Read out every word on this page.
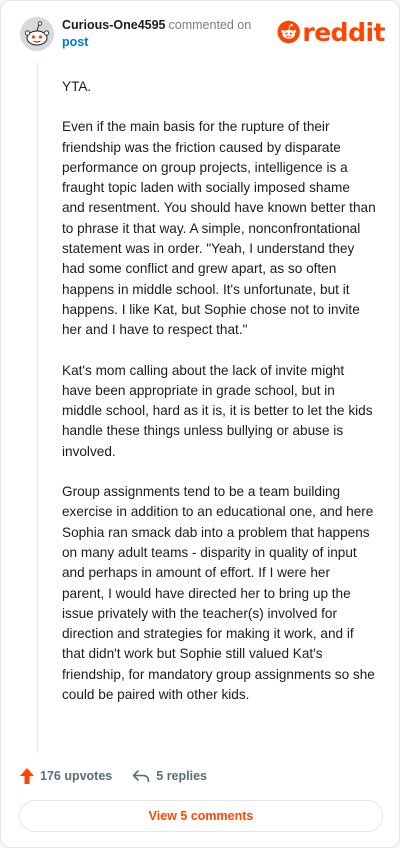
Curious-One4595 commented on
post	reddit

YTA.

Even if the main basis for the rupture of their friendship was the friction caused by disparate performance on group projects, intelligence is a fraught topic laden with socially imposed shame and resentment. You should have known better than to phrase it that way. A simple, nonconfrontational statement was in order. "Yeah, I understand they had some conflict and grew apart, as so often happens in middle school. It's unfortunate, but it happens. I like Kat, but Sophie chose not to invite her and I have to respect that."

Kat's mom calling about the lack of invite might have been appropriate in grade school, but in middle school, hard as it is, it is better to let the kids handle these things unless bullying or abuse is involved.

Group assignments tend to be a team building exercise in addition to an educational one, and here Sophia ran smack dab into a problem that happens on many adult teams - disparity in quality of input and perhaps in amount of effort. If I were her parent, I would have directed her to bring up the issue privately with the teacher(s) involved for direction and strategies for making it work, and if that didn't work but Sophie still valued Kat's friendship, for mandatory group assignments so she could be paired with other kids.

176 upvotes	5 replies
View 5 comments
